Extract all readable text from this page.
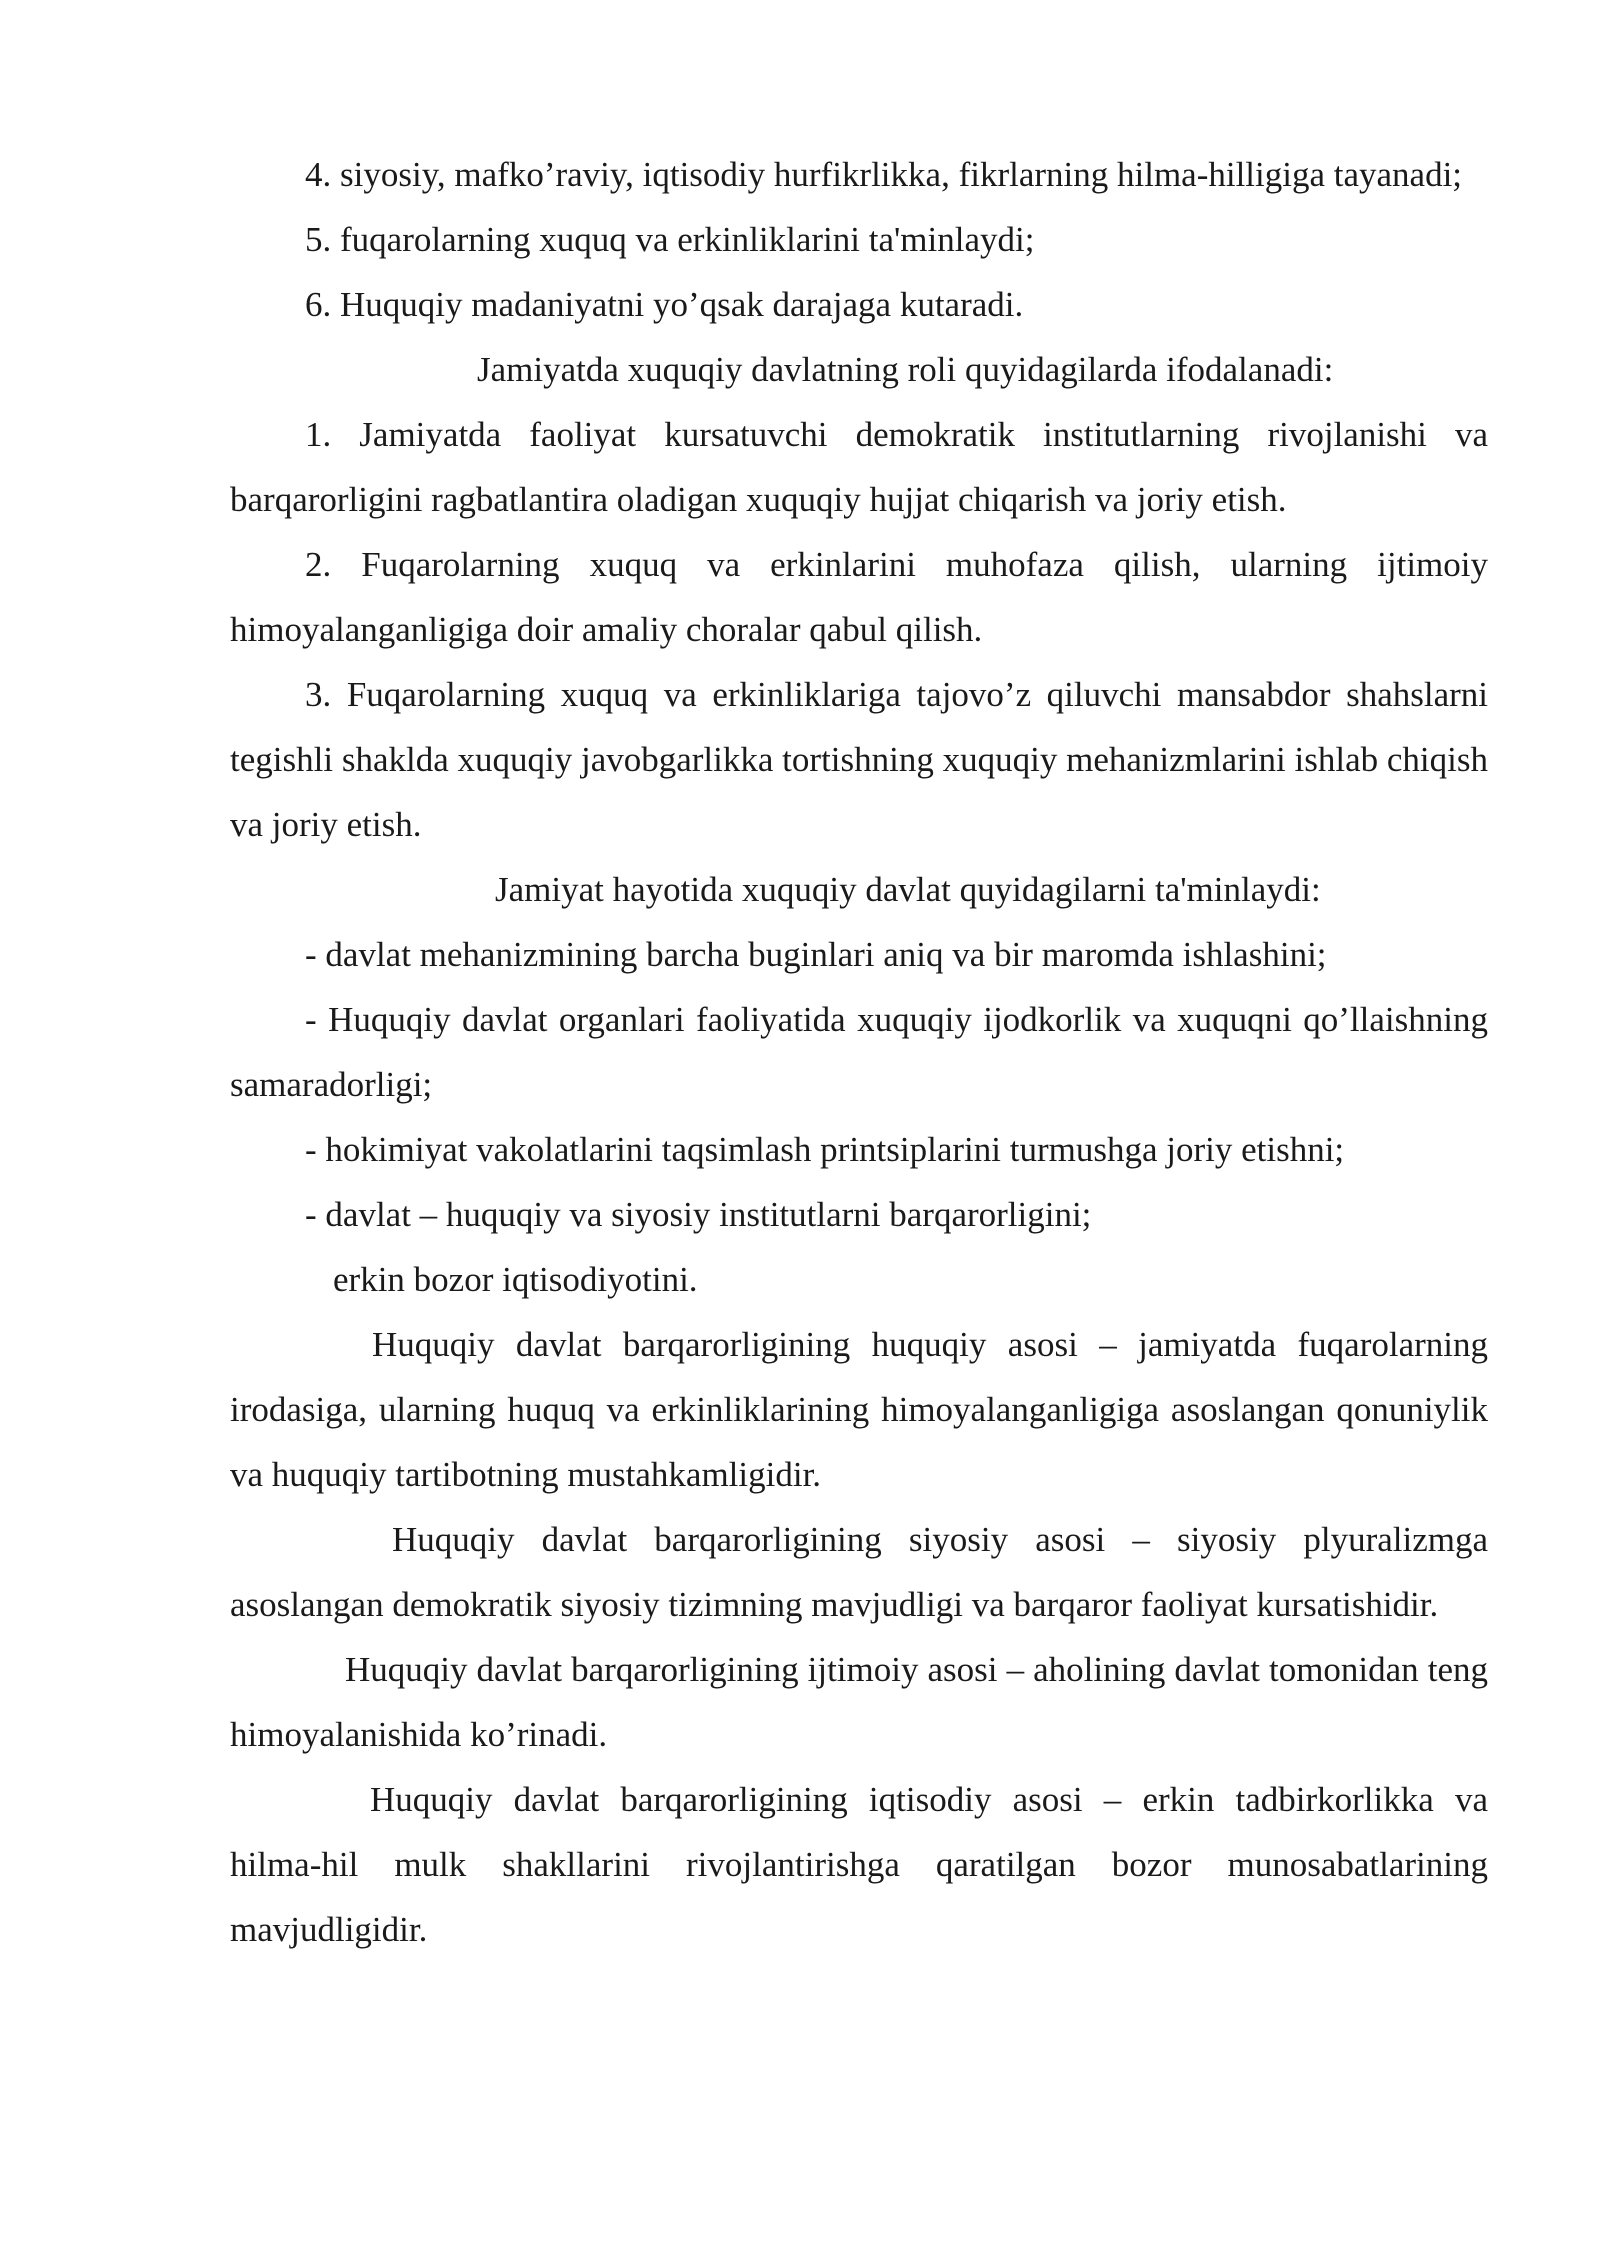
4. siyosiy, mafko’raviy, iqtisodiy hurfikrlikka, fikrlarning hilma-hilligiga tayanadi;

5. fuqarolarning xuquq va erkinliklarini ta'minlaydi;

6. Huquqiy madaniyatni yo’qsak darajaga kutaradi.

Jamiyatda xuquqiy davlatning roli quyidagilarda ifodalanadi:

1. Jamiyatda faoliyat kursatuvchi demokratik institutlarning rivojlanishi va barqarorligini ragbatlantira oladigan xuquqiy hujjat chiqarish va joriy etish.

2. Fuqarolarning xuquq va erkinlarini muhofaza qilish, ularning ijtimoiy himoyalanganligiga doir amaliy choralar qabul qilish.

3. Fuqarolarning xuquq va erkinliklariga tajovo’z qiluvchi mansabdor shahslarni tegishli shaklda xuquqiy javobgarlikka tortishning xuquqiy mehanizmlarini ishlab chiqish va joriy etish.

Jamiyat hayotida xuquqiy davlat quyidagilarni ta'minlaydi:

- davlat mehanizmining barcha buginlari aniq va bir maromda ishlashini;

- Huquqiy davlat organlari faoliyatida xuquqiy ijodkorlik va xuquqni qo’llaishning samaradorligi;

- hokimiyat vakolatlarini taqsimlash printsiplarini turmushga joriy etishni;

- davlat – huquqiy va siyosiy institutlarni barqarorligini;

erkin bozor iqtisodiyotini.

Huquqiy davlat barqarorligining huquqiy asosi – jamiyatda fuqarolarning irodasiga, ularning huquq va erkinliklarining himoyalanganligiga asoslangan qonuniylik va huquqiy tartibotning mustahkamligidir.

Huquqiy davlat barqarorligining siyosiy asosi – siyosiy plyuralizmga asoslangan demokratik siyosiy tizimning mavjudligi va barqaror faoliyat kursatishidir.

Huquqiy davlat barqarorligining ijtimoiy asosi – aholining davlat tomonidan teng himoyalanishida ko’rinadi.

Huquqiy davlat barqarorligining iqtisodiy asosi – erkin tadbirkorlikka va hilma-hil mulk shakllarini rivojlantirishga qaratilgan bozor munosabatlarining mavjudligidir.
